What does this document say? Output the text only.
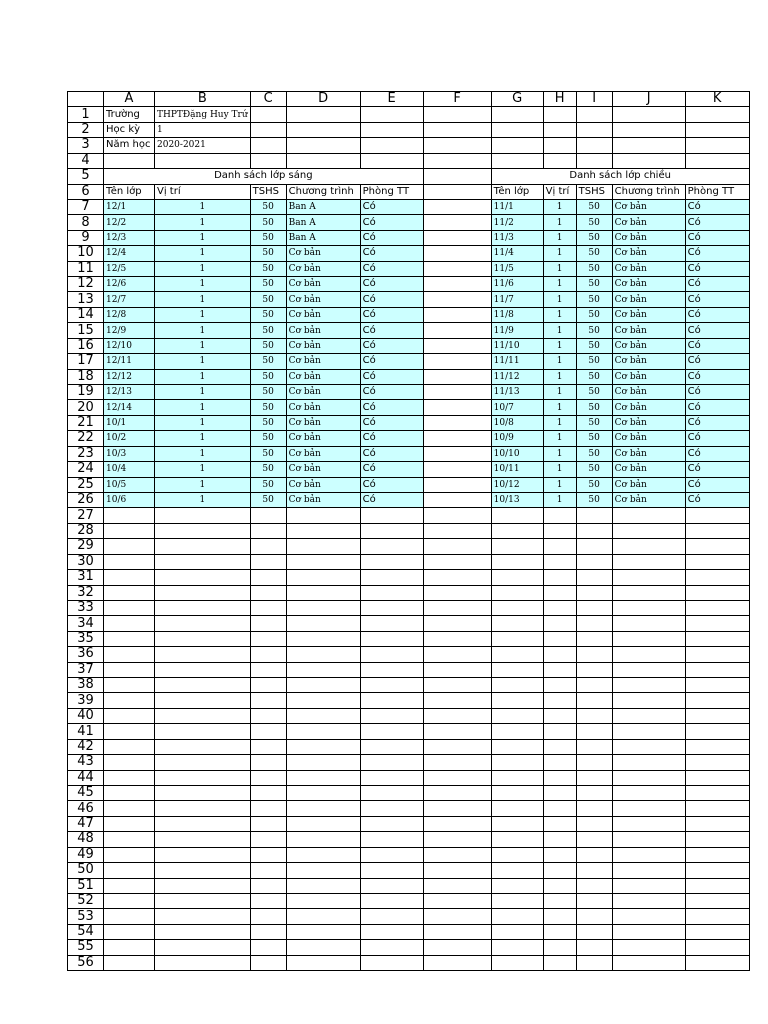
	A	B	C	D	E	F	G	H	I	J	K
1	Trường	THPTĐặng Huy Trứ									
2	Học kỳ	1									
3	Năm học	2020-2021									
4											
5	Danh sách lớp sáng						Danh sách lớp chiều				
6	Tên lớp	Vị trí	TSHS	Chương trình	Phòng TT		Tên lớp	Vị trí	TSHS	Chương trình	Phòng TT
7	12/1	1	50	Ban A	Có		11/1	1	50	Cơ bản	Có
8	12/2	1	50	Ban A	Có		11/2	1	50	Cơ bản	Có
9	12/3	1	50	Ban A	Có		11/3	1	50	Cơ bản	Có
10	12/4	1	50	Cơ bản	Có		11/4	1	50	Cơ bản	Có
11	12/5	1	50	Cơ bản	Có		11/5	1	50	Cơ bản	Có
12	12/6	1	50	Cơ bản	Có		11/6	1	50	Cơ bản	Có
13	12/7	1	50	Cơ bản	Có		11/7	1	50	Cơ bản	Có
14	12/8	1	50	Cơ bản	Có		11/8	1	50	Cơ bản	Có
15	12/9	1	50	Cơ bản	Có		11/9	1	50	Cơ bản	Có
16	12/10	1	50	Cơ bản	Có		11/10	1	50	Cơ bản	Có
17	12/11	1	50	Cơ bản	Có		11/11	1	50	Cơ bản	Có
18	12/12	1	50	Cơ bản	Có		11/12	1	50	Cơ bản	Có
19	12/13	1	50	Cơ bản	Có		11/13	1	50	Cơ bản	Có
20	12/14	1	50	Cơ bản	Có		10/7	1	50	Cơ bản	Có
21	10/1	1	50	Cơ bản	Có		10/8	1	50	Cơ bản	Có
22	10/2	1	50	Cơ bản	Có		10/9	1	50	Cơ bản	Có
23	10/3	1	50	Cơ bản	Có		10/10	1	50	Cơ bản	Có
24	10/4	1	50	Cơ bản	Có		10/11	1	50	Cơ bản	Có
25	10/5	1	50	Cơ bản	Có		10/12	1	50	Cơ bản	Có
26	10/6	1	50	Cơ bản	Có		10/13	1	50	Cơ bản	Có
27											
28											
29											
30											
31											
32											
33											
34											
35											
36											
37											
38											
39											
40											
41											
42											
43											
44											
45											
46											
47											
48											
49											
50											
51											
52											
53											
54											
55											
56											
